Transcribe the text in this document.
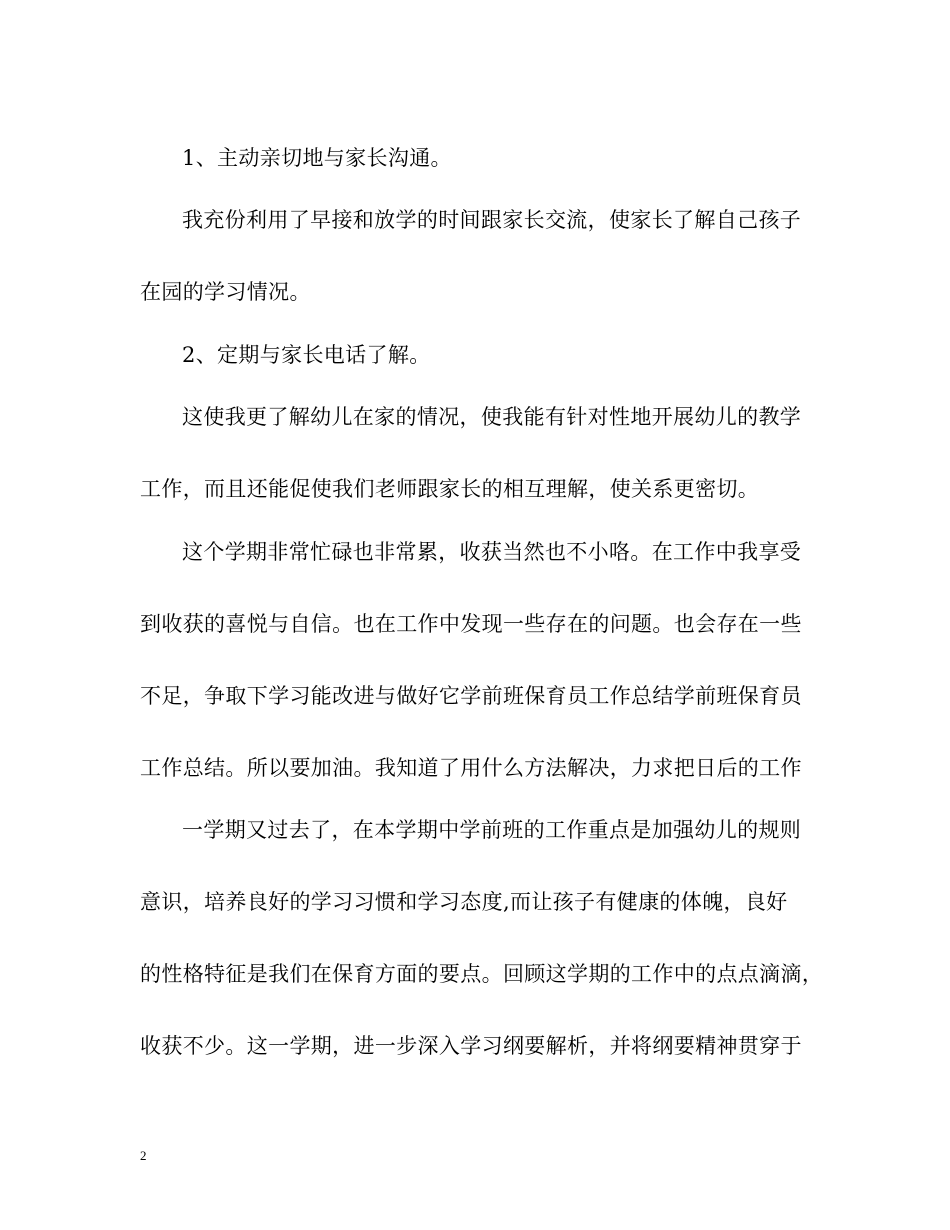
1、主动亲切地与家长沟通。
我充份利用了早接和放学的时间跟家长交流，使家长了解自己孩子
在园的学习情况。
2、定期与家长电话了解。
这使我更了解幼儿在家的情况，使我能有针对性地开展幼儿的教学
工作，而且还能促使我们老师跟家长的相互理解，使关系更密切。
这个学期非常忙碌也非常累，收获当然也不小咯。在工作中我享受
到收获的喜悦与自信。也在工作中发现一些存在的问题。也会存在一些
不足，争取下学习能改进与做好它学前班保育员工作总结学前班保育员
工作总结。所以要加油。我知道了用什么方法解决，力求把日后的工作
一学期又过去了，在本学期中学前班的工作重点是加强幼儿的规则
意识，培养良好的学习习惯和学习态度,而让孩子有健康的体魄，良好
的性格特征是我们在保育方面的要点。回顾这学期的工作中的点点滴滴，
收获不少。这一学期，进一步深入学习纲要解析，并将纲要精神贯穿于
2
